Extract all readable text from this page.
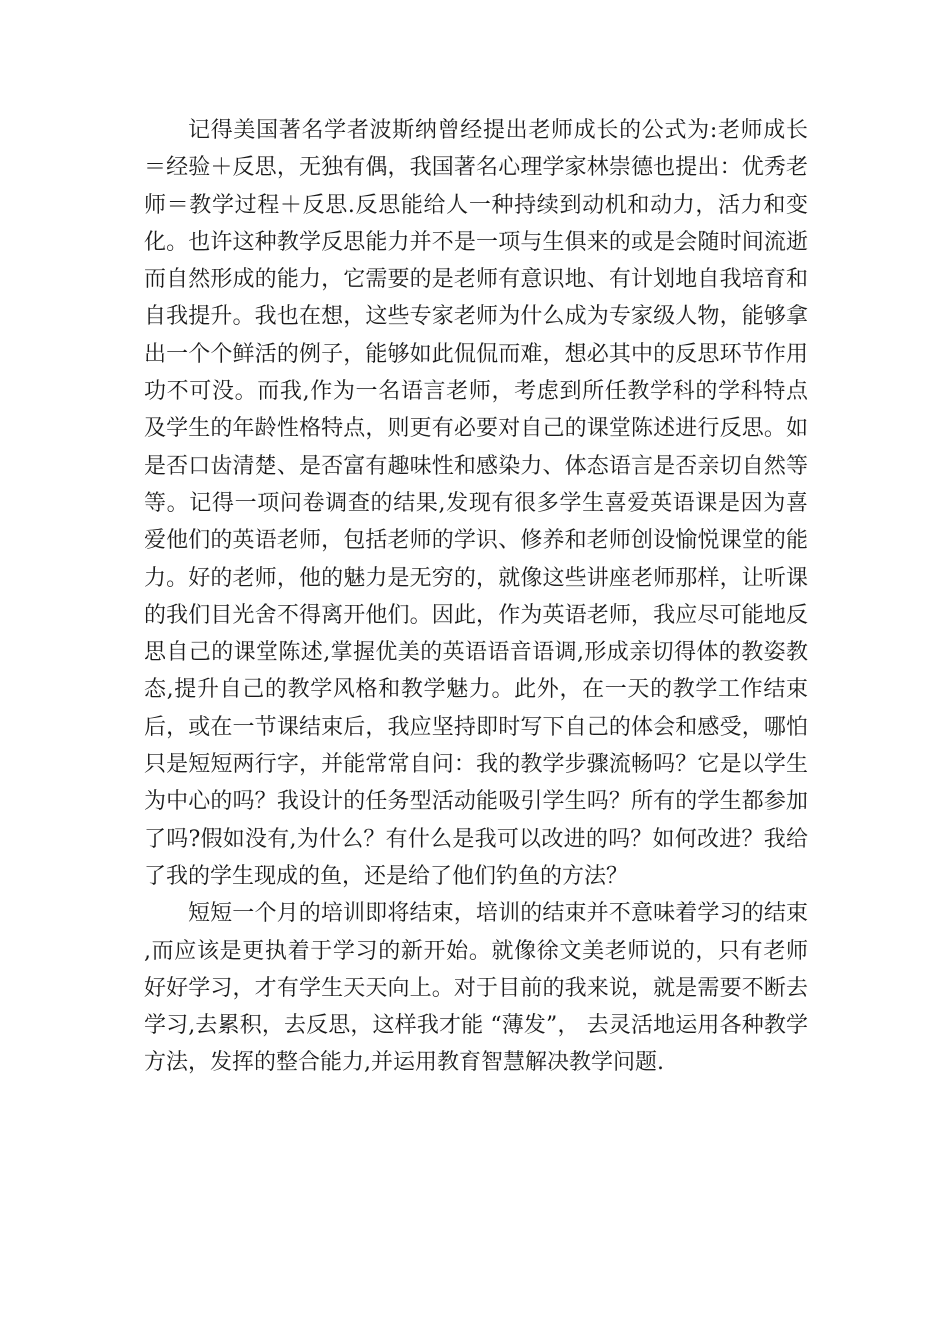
记得美国著名学者波斯纳曾经提出老师成长的公式为:老师成长＝经验＋反思，无独有偶，我国著名心理学家林崇德也提出：优秀老师＝教学过程＋反思.反思能给人一种持续到动机和动力，活力和变化。也许这种教学反思能力并不是一项与生俱来的或是会随时间流逝而自然形成的能力，它需要的是老师有意识地、有计划地自我培育和自我提升。我也在想，这些专家老师为什么成为专家级人物，能够拿出一个个鲜活的例子，能够如此侃侃而难，想必其中的反思环节作用功不可没。而我,作为一名语言老师，考虑到所任教学科的学科特点及学生的年龄性格特点，则更有必要对自己的课堂陈述进行反思。如是否口齿清楚、是否富有趣味性和感染力、体态语言是否亲切自然等等。记得一项问卷调查的结果,发现有很多学生喜爱英语课是因为喜爱他们的英语老师，包括老师的学识、修养和老师创设愉悦课堂的能力。好的老师，他的魅力是无穷的，就像这些讲座老师那样，让听课的我们目光舍不得离开他们。因此，作为英语老师，我应尽可能地反思自己的课堂陈述,掌握优美的英语语音语调,形成亲切得体的教姿教态,提升自己的教学风格和教学魅力。此外，在一天的教学工作结束后，或在一节课结束后，我应坚持即时写下自己的体会和感受，哪怕只是短短两行字，并能常常自问：我的教学步骤流畅吗？它是以学生为中心的吗？我设计的任务型活动能吸引学生吗？所有的学生都参加了吗?假如没有,为什么？有什么是我可以改进的吗？如何改进？我给了我的学生现成的鱼，还是给了他们钓鱼的方法？

短短一个月的培训即将结束，培训的结束并不意味着学习的结束,而应该是更执着于学习的新开始。就像徐文美老师说的，只有老师好好学习，才有学生天天向上。对于目前的我来说，就是需要不断去学习,去累积，去反思，这样我才能 “薄发”， 去灵活地运用各种教学方法，发挥的整合能力,并运用教育智慧解决教学问题.
